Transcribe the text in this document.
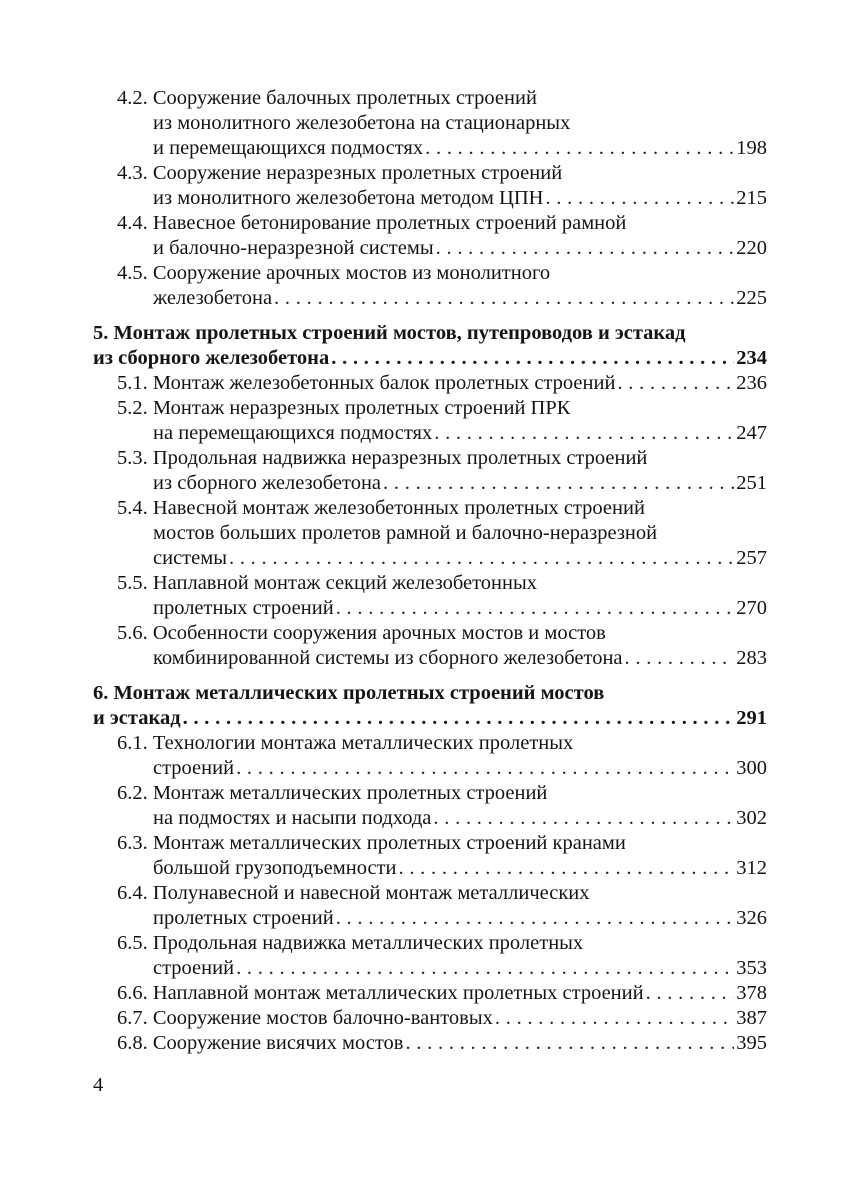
4.2. Сооружение балочных пролетных строений
из монолитного железобетона на стационарных
и перемещающихся подмостях . . .	198
4.3. Сооружение неразрезных пролетных строений
из монолитного железобетона методом ЦПН . . .	215
4.4. Навесное бетонирование пролетных строений рамной
и балочно-неразрезной системы . . .	220
4.5. Сооружение арочных мостов из монолитного
железобетона . . .	225
5. Монтаж пролетных строений мостов, путепроводов и эстакад
из сборного железобетона . . .	234
5.1. Монтаж железобетонных балок пролетных строений . . .	236
5.2. Монтаж неразрезных пролетных строений ПРК
на перемещающихся подмостях . . .	247
5.3. Продольная надвижка неразрезных пролетных строений
из сборного железобетона . . .	251
5.4. Навесной монтаж железобетонных пролетных строений
мостов больших пролетов рамной и балочно-неразрезной
системы . . .	257
5.5. Наплавной монтаж секций железобетонных
пролетных строений . . .	270
5.6. Особенности сооружения арочных мостов и мостов
комбинированной системы из сборного железобетона . . .	283
6. Монтаж металлических пролетных строений мостов
и эстакад . . .	291
6.1. Технологии монтажа металлических пролетных
строений . . .	300
6.2. Монтаж металлических пролетных строений
на подмостях и насыпи подхода . . .	302
6.3. Монтаж металлических пролетных строений кранами
большой грузоподъемности . . .	312
6.4. Полунавесной и навесной монтаж металлических
пролетных строений . . .	326
6.5. Продольная надвижка металлических пролетных
строений . . .	353
6.6. Наплавной монтаж металлических пролетных строений . . .	378
6.7. Сооружение мостов балочно-вантовых . . .	387
6.8. Сооружение висячих мостов . . .	395
4
